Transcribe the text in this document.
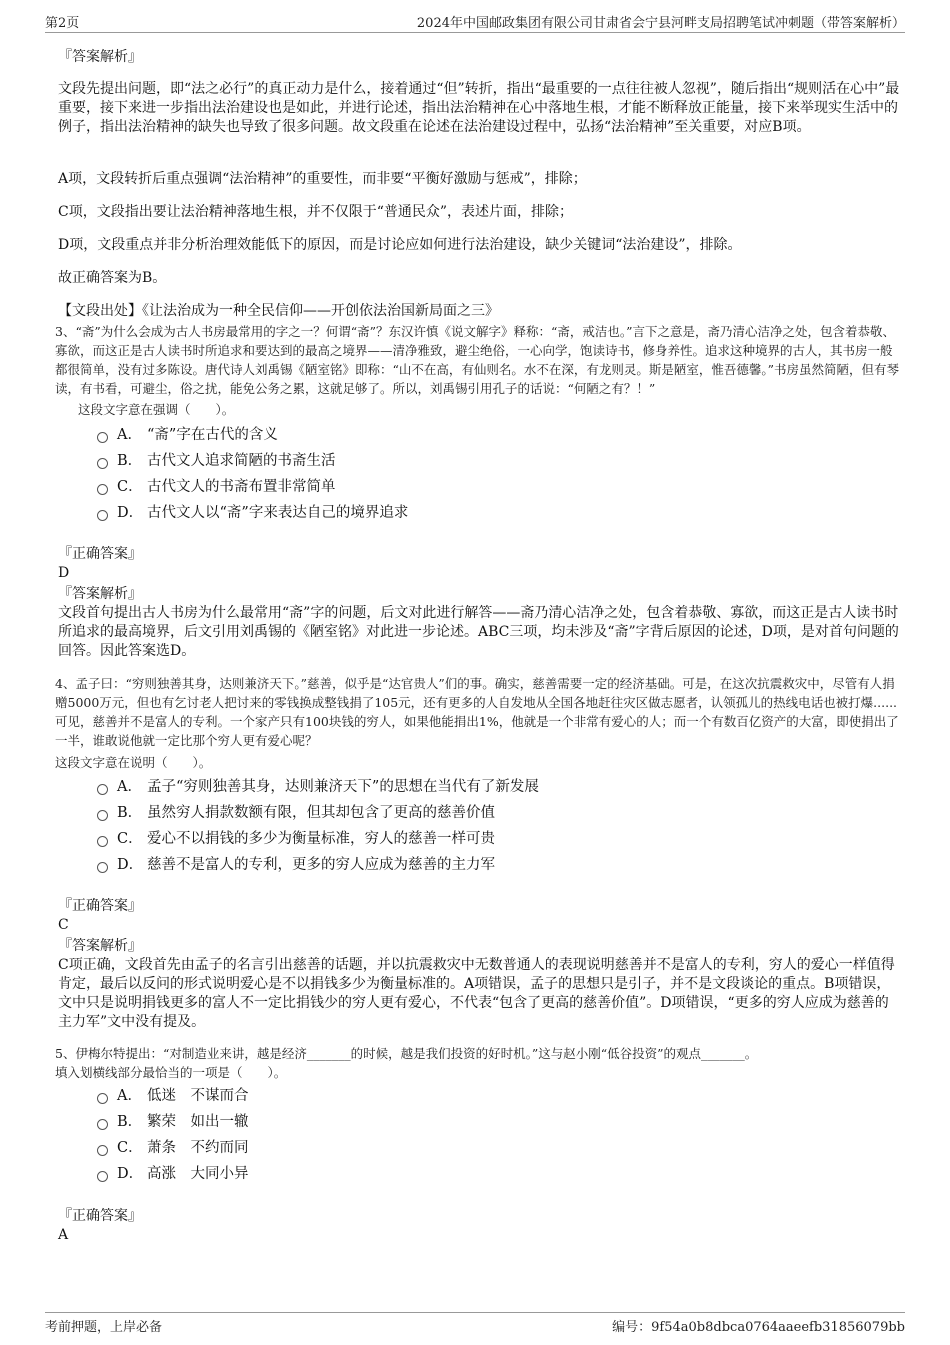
第2页	2024年中国邮政集团有限公司甘肃省会宁县河畔支局招聘笔试冲刺题（带答案解析）
『答案解析』
文段先提出问题，即“法之必行”的真正动力是什么，接着通过“但”转折，指出“最重要的一点往往被人忽视”，随后指出“规则活在心中”最重要，接下来进一步指出法治建设也是如此，并进行论述，指出法治精神在心中落地生根，才能不断释放正能量，接下来举现实生活中的例子，指出法治精神的缺失也导致了很多问题。故文段重在论述在法治建设过程中，弘扬“法治精神”至关重要，对应B项。
A项，文段转折后重点强调“法治精神”的重要性，而非要“平衡好激励与惩戒”，排除；
C项，文段指出要让法治精神落地生根，并不仅限于“普通民众”，表述片面，排除；
D项，文段重点并非分析治理效能低下的原因，而是讨论应如何进行法治建设，缺少关键词“法治建设”，排除。
故正确答案为B。
【文段出处】《让法治成为一种全民信仰——开创依法治国新局面之三》
3、“斋”为什么会成为古人书房最常用的字之一？何谓“斋”？东汉许慎《说文解字》释称：“斋，戒洁也。”言下之意是，斋乃清心洁净之处，包含着恭敬、寡欲，而这正是古人读书时所追求和要达到的最高之境界——清净雅致，避尘绝俗，一心向学，饱读诗书，修身养性。追求这种境界的古人，其书房一般都很简单，没有过多陈设。唐代诗人刘禹锡《陋室铭》即称：“山不在高，有仙则名。水不在深，有龙则灵。斯是陋室，惟吾德馨。”书房虽然简陋，但有琴读，有书看，可避尘，俗之扰，能免公务之累，这就足够了。所以，刘禹锡引用孔子的话说：“何陋之有？！”
这段文字意在强调（　　）。
A． “斋”字在古代的含义
B． 古代文人追求简陋的书斋生活
C． 古代文人的书斋布置非常简单
D． 古代文人以“斋”字来表达自己的境界追求
『正确答案』
D
『答案解析』
文段首句提出古人书房为什么最常用“斋”字的问题，后文对此进行解答——斋乃清心洁净之处，包含着恭敬、寡欲，而这正是古人读书时所追求的最高境界，后文引用刘禹锡的《陋室铭》对此进一步论述。ABC三项，均未涉及“斋”字背后原因的论述，D项，是对首句问题的回答。因此答案选D。
4、孟子曰：“穷则独善其身，达则兼济天下。”慈善，似乎是“达官贵人”们的事。确实，慈善需要一定的经济基础。可是，在这次抗震救灾中，尽管有人捐赠5000万元，但也有乞讨老人把讨来的零钱换成整钱捐了105元，还有更多的人自发地从全国各地赶往灾区做志愿者，认领孤儿的热线电话也被打爆......可见，慈善并不是富人的专利。一个家产只有100块钱的穷人，如果他能捐出1%，他就是一个非常有爱心的人；而一个有数百亿资产的大富，即使捐出了一半，谁敢说他就一定比那个穷人更有爱心呢？
这段文字意在说明（　　）。
A． 孟子“穷则独善其身，达则兼济天下”的思想在当代有了新发展
B． 虽然穷人捐款数额有限，但其却包含了更高的慈善价值
C． 爱心不以捐钱的多少为衡量标准，穷人的慈善一样可贵
D． 慈善不是富人的专利，更多的穷人应成为慈善的主力军
『正确答案』
C
『答案解析』
C项正确，文段首先由孟子的名言引出慈善的话题，并以抗震救灾中无数普通人的表现说明慈善并不是富人的专利，穷人的爱心一样值得肯定，最后以反问的形式说明爱心是不以捐钱多少为衡量标准的。A项错误，孟子的思想只是引子，并不是文段谈论的重点。B项错误，文中只是说明捐钱更多的富人不一定比捐钱少的穷人更有爱心，不代表“包含了更高的慈善价值”。D项错误，“更多的穷人应成为慈善的主力军”文中没有提及。
5、伊梅尔特提出：“对制造业来讲，越是经济_______的时候，越是我们投资的好时机。”这与赵小刚“低谷投资”的观点_______。
填入划横线部分最恰当的一项是（　　）。
A． 低迷　不谋而合
B． 繁荣　如出一辙
C． 萧条　不约而同
D． 高涨　大同小异
『正确答案』
A
考前押题，上岸必备	编号：9f54a0b8dbca0764aaeefb31856079bb
